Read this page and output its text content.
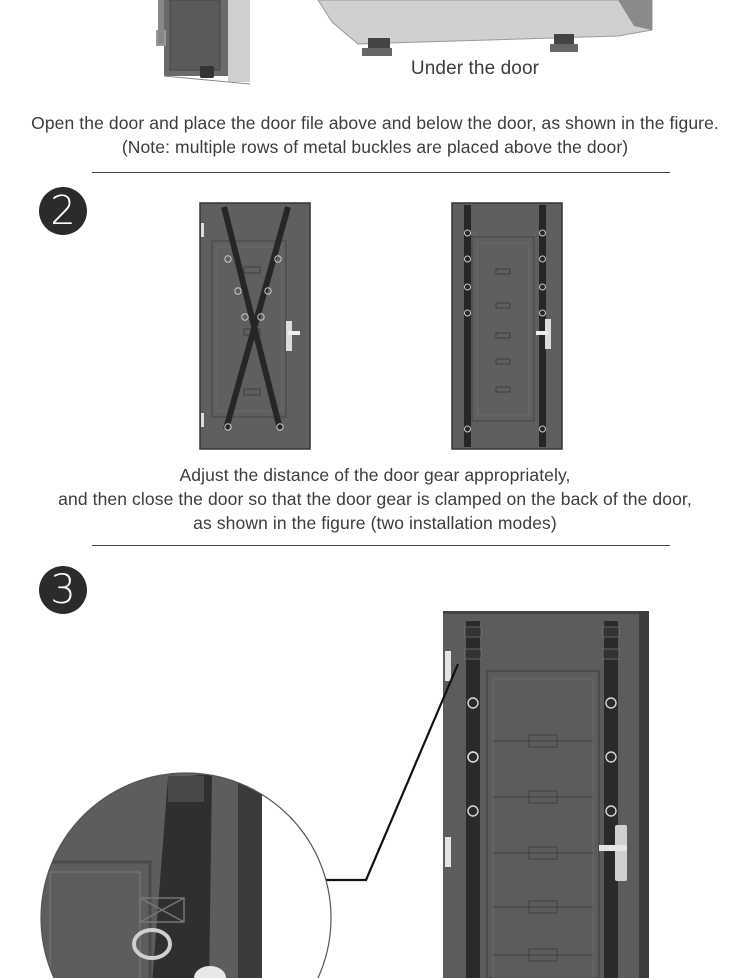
Under the door
Open the door and place the door file above and below the door, as shown in the figure.
(Note: multiple rows of metal buckles are placed above the door)
2
Adjust the distance of the door gear appropriately,
and then close the door so that the door gear is clamped on the back of the door,
as shown in the figure (two installation modes)
3
